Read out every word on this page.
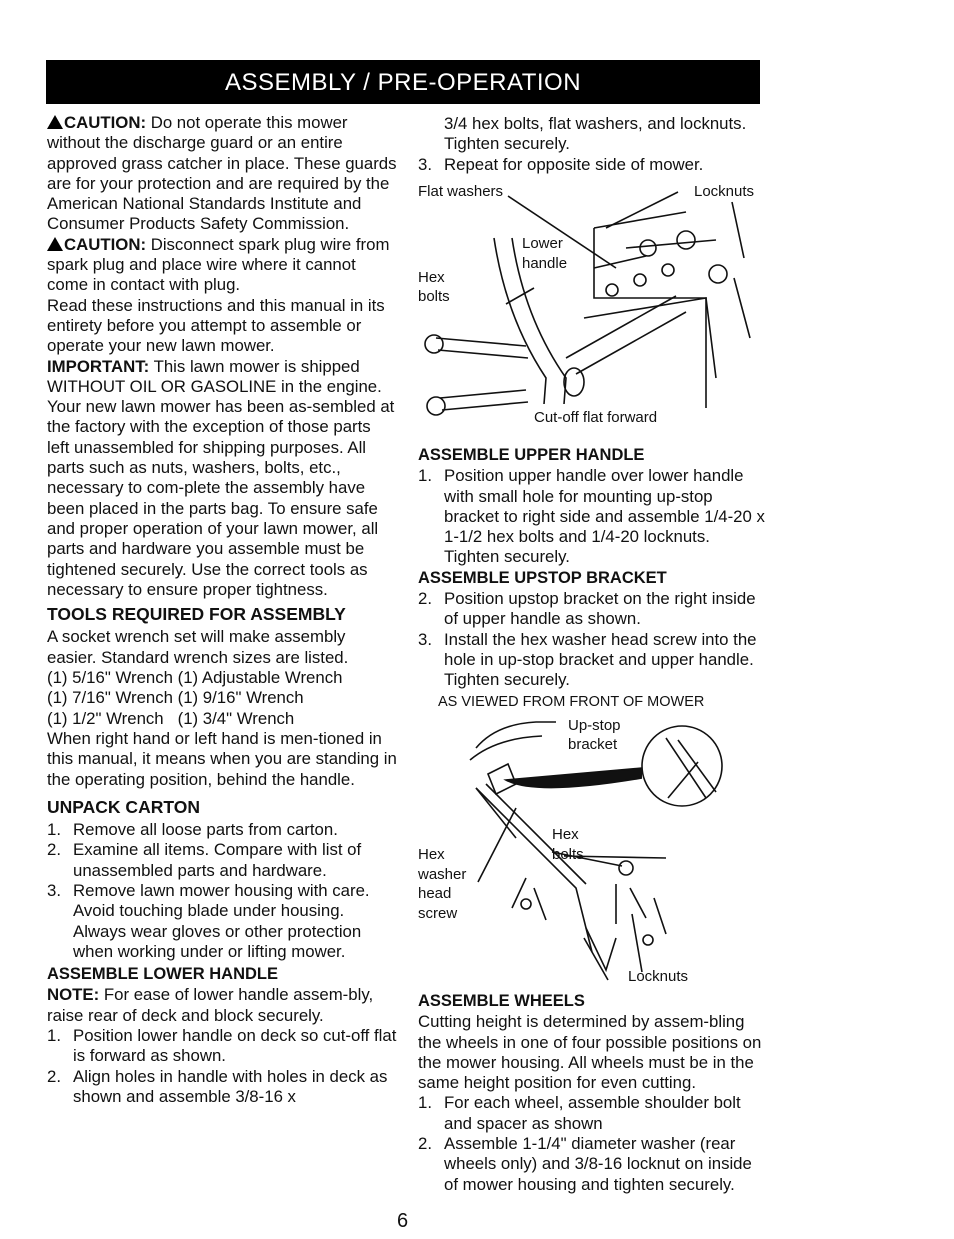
ASSEMBLY / PRE-OPERATION

CAUTION: Do not operate this mower without the discharge guard or an entire approved grass catcher in place. These guards are for your protection and are required by the American National Standards Institute and Consumer Products Safety Commission.

CAUTION: Disconnect spark plug wire from spark plug and place wire where it cannot come in contact with plug.

Read these instructions and this manual in its entirety before you attempt to assemble or operate your new lawn mower.

IMPORTANT: This lawn mower is shipped WITHOUT OIL OR GASOLINE in the engine.

Your new lawn mower has been as-sembled at the factory with the exception of those parts left unassembled for shipping purposes. All parts such as nuts, washers, bolts, etc., necessary to com-plete the assembly have been placed in the parts bag. To ensure safe and proper operation of your lawn mower, all parts and hardware you assemble must be tightened securely. Use the correct tools as necessary to ensure proper tightness.

TOOLS REQUIRED FOR ASSEMBLY

A socket wrench set will make assembly easier. Standard wrench sizes are listed.

(1) 5/16" Wrench (1) Adjustable Wrench

(1) 7/16" Wrench (1) 9/16" Wrench

(1) 1/2" Wrench   (1) 3/4" Wrench

When right hand or left hand is men-tioned in this manual, it means when you are standing in the operating position, behind the handle.

UNPACK CARTON

1. Remove all loose parts from carton.
2. Examine all items. Compare with list of unassembled parts and hardware.
3. Remove lawn mower housing with care. Avoid touching blade under housing. Always wear gloves or other protection when working under or lifting mower.

ASSEMBLE LOWER HANDLE

NOTE: For ease of lower handle assem-bly, raise rear of deck and block securely.

1. Position lower handle on deck so cut-off flat is forward as shown.
2. Align holes in handle with holes in deck as shown and assemble 3/8-16 x
6

3/4 hex bolts, flat washers, and locknuts. Tighten securely.

3. Repeat for opposite side of mower.
Flat washers	Locknuts
Lower
handle
Hex
bolts
Cut-off flat forward

ASSEMBLE UPPER HANDLE

1. Position upper handle over lower handle with small hole for mounting up-stop bracket to right side and assemble 1/4-20 x 1-1/2 hex bolts and 1/4-20 locknuts. Tighten securely.

ASSEMBLE UPSTOP BRACKET

2. Position upstop bracket on the right inside of upper handle as shown.
3. Install the hex washer head screw into the hole in up-stop bracket and upper handle. Tighten securely.
AS VIEWED FROM FRONT OF MOWER
Up-stop
bracket
Hex
bolts
Hex
washer
head
screw
Locknuts

ASSEMBLE WHEELS

Cutting height is determined by assem-bling the wheels in one of four possible positions on the mower housing. All wheels must be in the same height position for even cutting.

1. For each wheel, assemble shoulder bolt and spacer as shown
2. Assemble 1-1/4" diameter washer (rear wheels only) and 3/8-16 locknut on inside of mower housing and tighten securely.
